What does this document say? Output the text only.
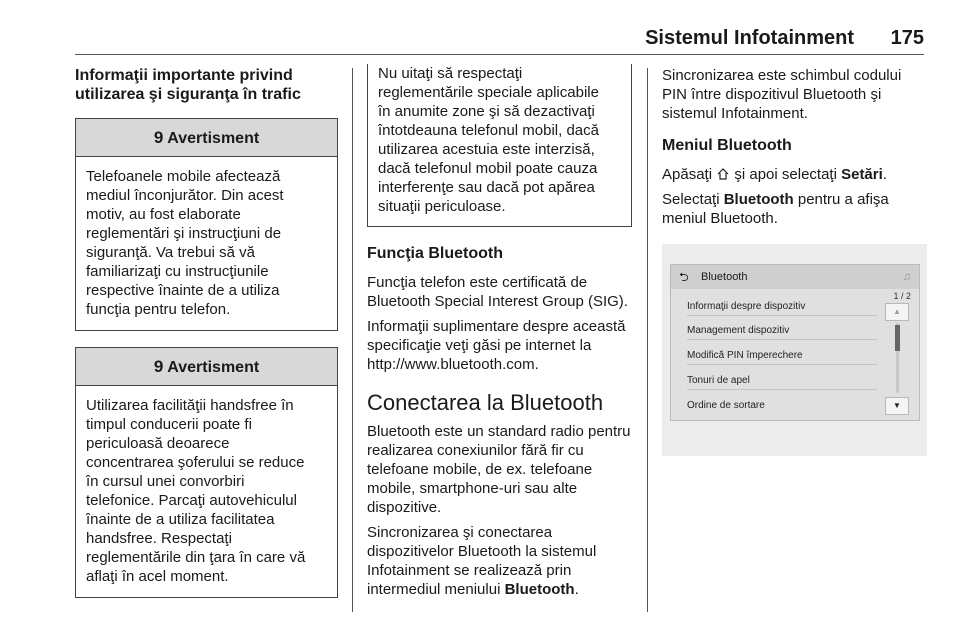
Sistemul Infotainment 175
Informaţii importante privind utilizarea şi siguranţa în trafic
9 Avertisment
Telefoanele mobile afectează
mediul înconjurător. Din acest
motiv, au fost elaborate
reglementări şi instrucţiuni de
siguranţă. Va trebui să vă
familiarizaţi cu instrucţiunile
respective înainte de a utiliza
funcţia pentru telefon.
9 Avertisment
Utilizarea facilităţii handsfree în
timpul conducerii poate fi
periculoasă deoarece
concentrarea şoferului se reduce
în cursul unei convorbiri
telefonice. Parcaţi autovehiculul
înainte de a utiliza facilitatea
handsfree. Respectaţi
reglementările din ţara în care vă
aflaţi în acel moment.
Nu uitaţi să respectaţi
reglementările speciale aplicabile
în anumite zone şi să dezactivaţi
întotdeauna telefonul mobil, dacă
utilizarea acestuia este interzisă,
dacă telefonul mobil poate cauza
interferenţe sau dacă pot apărea
situaţii periculoase.
Funcţia Bluetooth

Funcţia telefon este certificată de Bluetooth Special Interest Group (SIG).

Informaţii suplimentare despre această specificaţie veţi găsi pe internet la http://www.bluetooth.com.

Conectarea la Bluetooth

Bluetooth este un standard radio pentru realizarea conexiunilor fără fir cu telefoane mobile, de ex. telefoane mobile, smartphone-uri sau alte dispozitive.

Sincronizarea şi conectarea dispozitivelor Bluetooth la sistemul Infotainment se realizează prin intermediul meniului Bluetooth.

Sincronizarea este schimbul codului PIN între dispozitivul Bluetooth şi sistemul Infotainment.

Meniul Bluetooth

Apăsaţi  şi apoi selectaţi Setări.

Selectaţi Bluetooth pentru a afişa meniul Bluetooth.

⮌ Bluetooth	♫
1 / 2
Informaţii despre dispozitiv
Management dispozitiv
Modifică PIN împerechere
Tonuri de apel
Ordine de sortare
▲
▼
